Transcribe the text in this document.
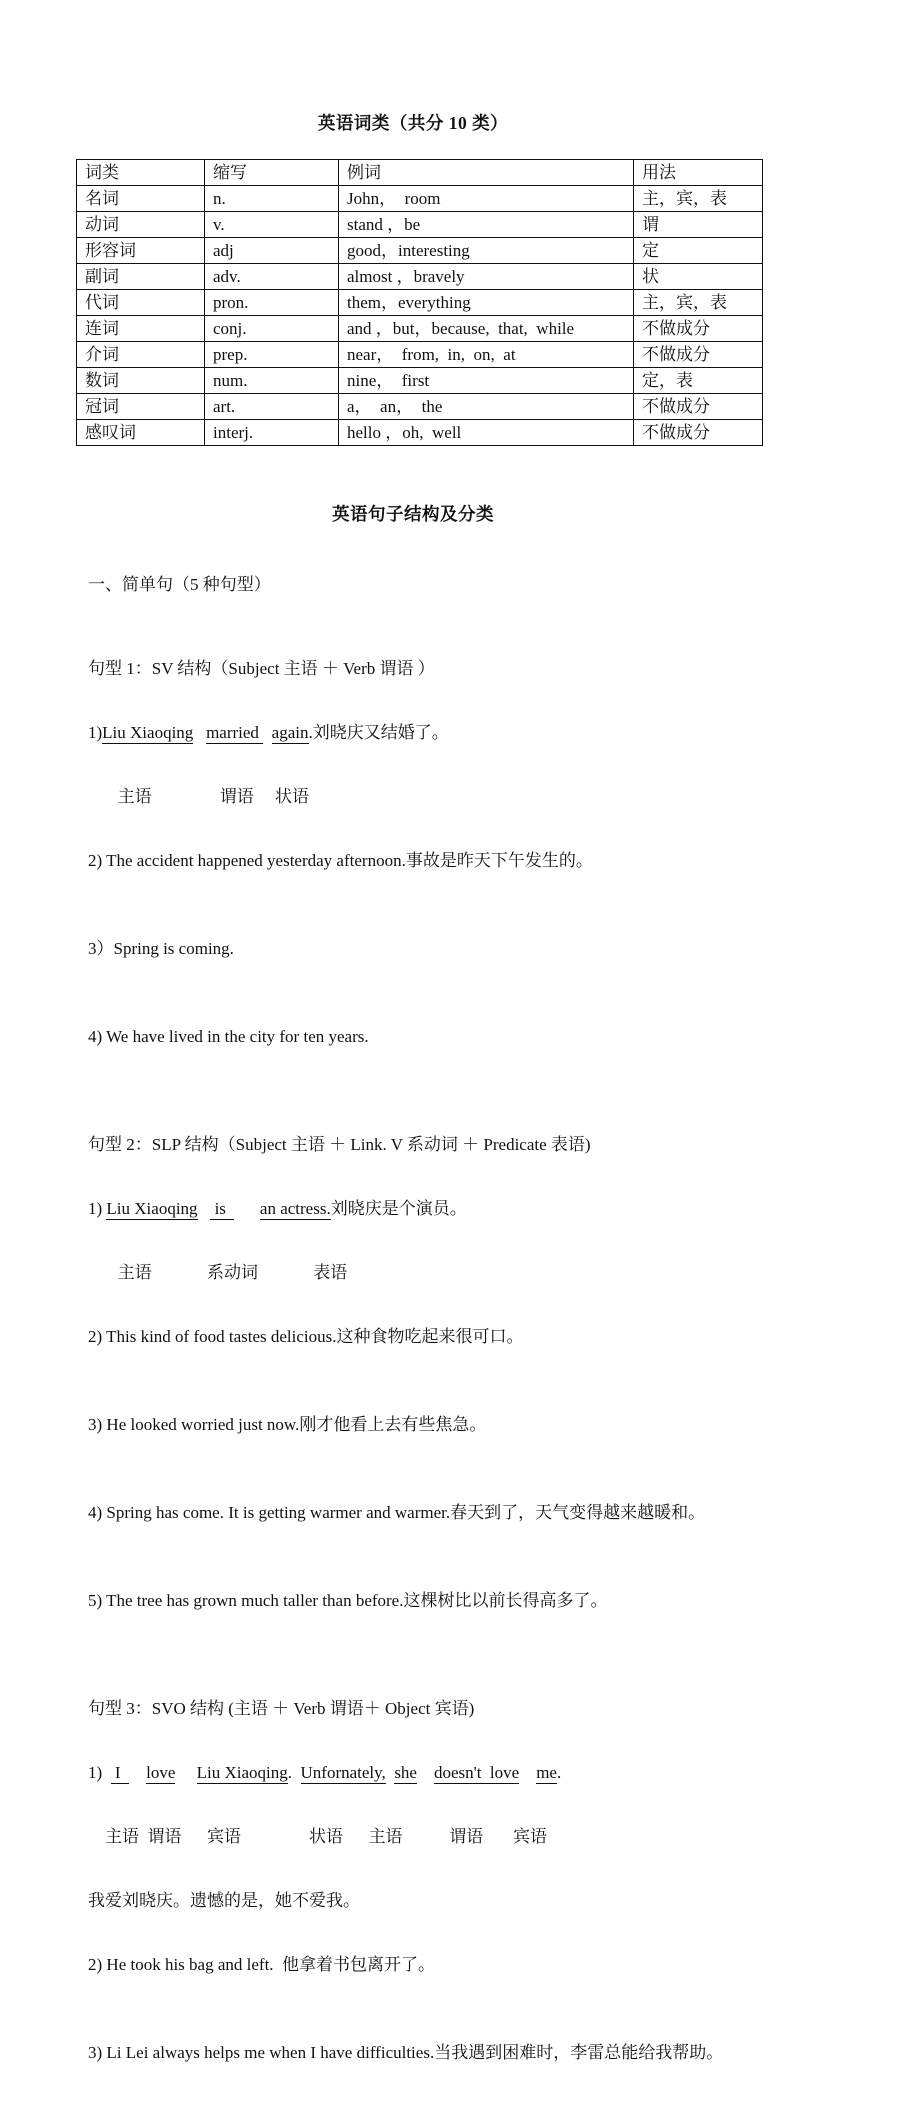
英语词类（共分 10 类）
词类	缩写	例词	用法
名词	n.	John，  room	主，宾，表
动词	v.	stand ，be	谓
形容词	adj	good，interesting	定
副词	adv.	almost ，bravely	状
代词	pron.	them，everything	主，宾，表
连词	conj.	and ，but，because,  that,  while	不做成分
介词	prep.	near，  from,  in,  on,  at	不做成分
数词	num.	nine，  first	定，表
冠词	art.	a，  an，  the	不做成分
感叹词	interj.	hello ，oh,  well	不做成分
英语句子结构及分类

一、简单句（5 种句型）

句型 1：SV 结构（Subject 主语 ＋ Verb 谓语 ）

1)Liu Xiaoqing married   again.刘晓庆又结婚了。

主语                谓语     状语

2) The accident happened yesterday afternoon.事故是昨天下午发生的。

3）Spring is coming.

4) We have lived in the city for ten years.

句型 2：SLP 结构（Subject 主语 ＋ Link. V 系动词 ＋ Predicate 表语)

1) Liu Xiaoqing    is        an actress.刘晓庆是个演员。

主语             系动词             表语

2) This kind of food tastes delicious.这种食物吃起来很可口。

3) He looked worried just now.刚才他看上去有些焦急。

4) Spring has come. It is getting warmer and warmer.春天到了，天气变得越来越暖和。

5) The tree has grown much taller than before.这棵树比以前长得高多了。

句型 3：SVO 结构 (主语 ＋ Verb 谓语＋ Object 宾语)

1)   I      love Liu Xiaoqing.  Unfornately, she doesn't  love me.

主语  谓语      宾语                状语      主语           谓语       宾语

我爱刘晓庆。遗憾的是，她不爱我。

2) He took his bag and left.  他拿着书包离开了。

3) Li Lei always helps me when I have difficulties.当我遇到困难时，李雷总能给我帮助。
